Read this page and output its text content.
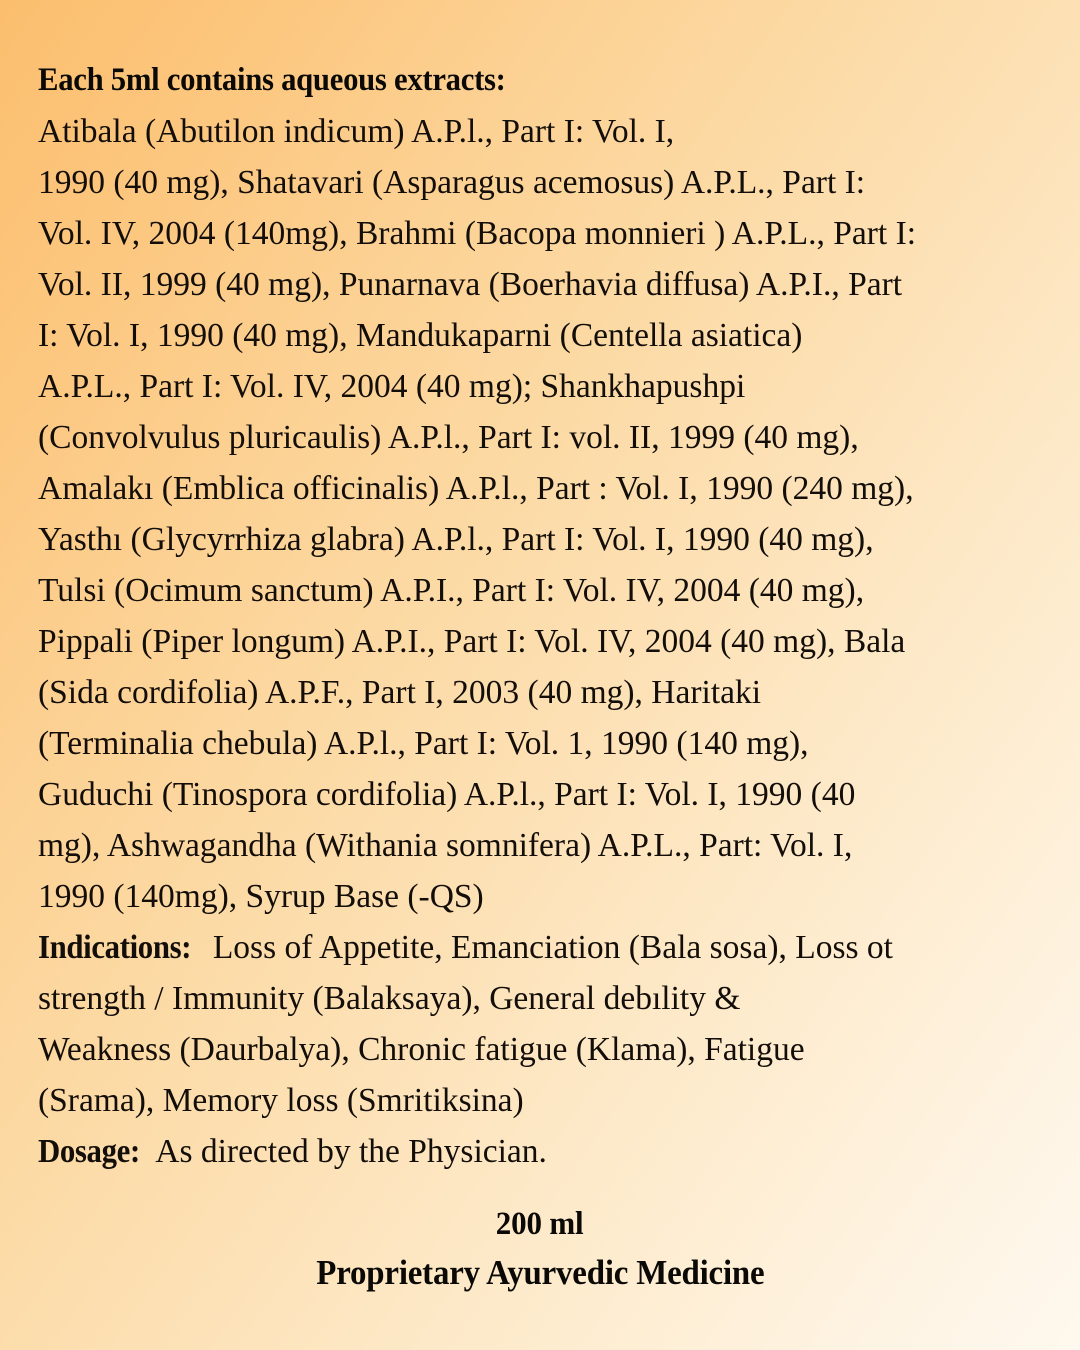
Each 5ml contains aqueous extracts:
Atibala (Abutilon indicum) A.P.l., Part I: Vol. I,
1990 (40 mg), Shatavari (Asparagus acemosus) A.P.L., Part I:
Vol. IV, 2004 (140mg), Brahmi (Bacopa monnieri ) A.P.L., Part I:
Vol. II, 1999 (40 mg), Punarnava (Boerhavia diffusa) A.P.I., Part
I: Vol. I, 1990 (40 mg), Mandukaparni (Centella asiatica)
A.P.L., Part I: Vol. IV, 2004 (40 mg); Shankhapushpi
(Convolvulus pluricaulis) A.P.l., Part I: vol. II, 1999 (40 mg),
Amalakı (Emblica officinalis) A.P.l., Part : Vol. I, 1990 (240 mg),
Yasthı (Glycyrrhiza glabra) A.P.l., Part I: Vol. I, 1990 (40 mg),
Tulsi (Ocimum sanctum) A.P.I., Part I: Vol. IV, 2004 (40 mg),
Pippali (Piper longum) A.P.I., Part I: Vol. IV, 2004 (40 mg), Bala
(Sida cordifolia) A.P.F., Part I, 2003 (40 mg), Haritaki
(Terminalia chebula) A.P.l., Part I: Vol. 1, 1990 (140 mg),
Guduchi (Tinospora cordifolia) A.P.l., Part I: Vol. I, 1990 (40
mg), Ashwagandha (Withania somnifera) A.P.L., Part: Vol. I,
1990 (140mg), Syrup Base (-QS)
Indications: Loss of Appetite, Emanciation (Bala sosa), Loss ot
strength / Immunity (Balaksaya), General debılity &
Weakness (Daurbalya), Chronic fatigue (Klama), Fatigue
(Srama), Memory loss (Smritiksina)
Dosage: As directed by the Physician.
200 ml
Proprietary Ayurvedic Medicine
